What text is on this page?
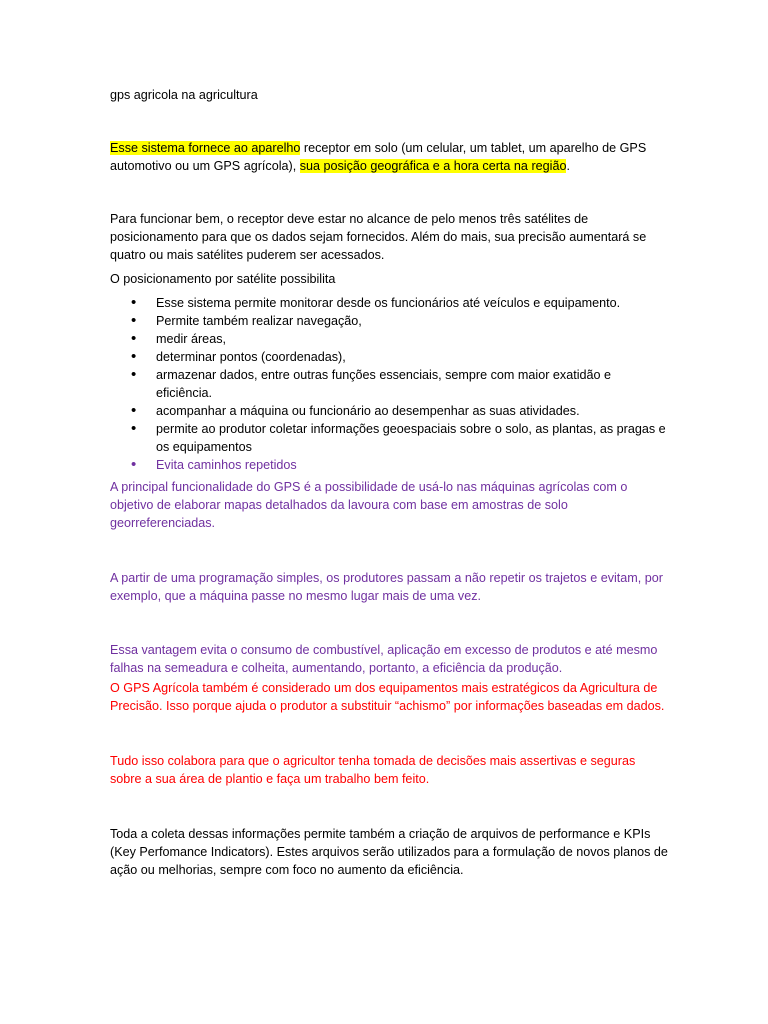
gps agricola na agricultura

Esse sistema fornece ao aparelho receptor em solo (um celular, um tablet, um aparelho de GPS automotivo ou um GPS agrícola), sua posição geográfica e a hora certa na região.

Para funcionar bem, o receptor deve estar no alcance de pelo menos três satélites de posicionamento para que os dados sejam fornecidos. Além do mais, sua precisão aumentará se quatro ou mais satélites puderem ser acessados.

O posicionamento por satélite possibilita

• Esse sistema permite monitorar desde os funcionários até veículos e equipamento.
• Permite também realizar navegação,
• medir áreas,
• determinar pontos (coordenadas),
• armazenar dados, entre outras funções essenciais, sempre com maior exatidão e eficiência.
• acompanhar a máquina ou funcionário ao desempenhar as suas atividades.
• permite ao produtor coletar informações geoespaciais sobre o solo, as plantas, as pragas e os equipamentos
• Evita caminhos repetidos

A principal funcionalidade do GPS é a possibilidade de usá-lo nas máquinas agrícolas com o objetivo de elaborar mapas detalhados da lavoura com base em amostras de solo georreferenciadas.

A partir de uma programação simples, os produtores passam a não repetir os trajetos e evitam, por exemplo, que a máquina passe no mesmo lugar mais de uma vez.

Essa vantagem evita o consumo de combustível, aplicação em excesso de produtos e até mesmo falhas na semeadura e colheita, aumentando, portanto, a eficiência da produção.

O GPS Agrícola também é considerado um dos equipamentos mais estratégicos da Agricultura de Precisão. Isso porque ajuda o produtor a substituir “achismo” por informações baseadas em dados.

Tudo isso colabora para que o agricultor tenha tomada de decisões mais assertivas e seguras sobre a sua área de plantio e faça um trabalho bem feito.

Toda a coleta dessas informações permite também a criação de arquivos de performance e KPIs (Key Perfomance Indicators). Estes arquivos serão utilizados para a formulação de novos planos de ação ou melhorias, sempre com foco no aumento da eficiência.
